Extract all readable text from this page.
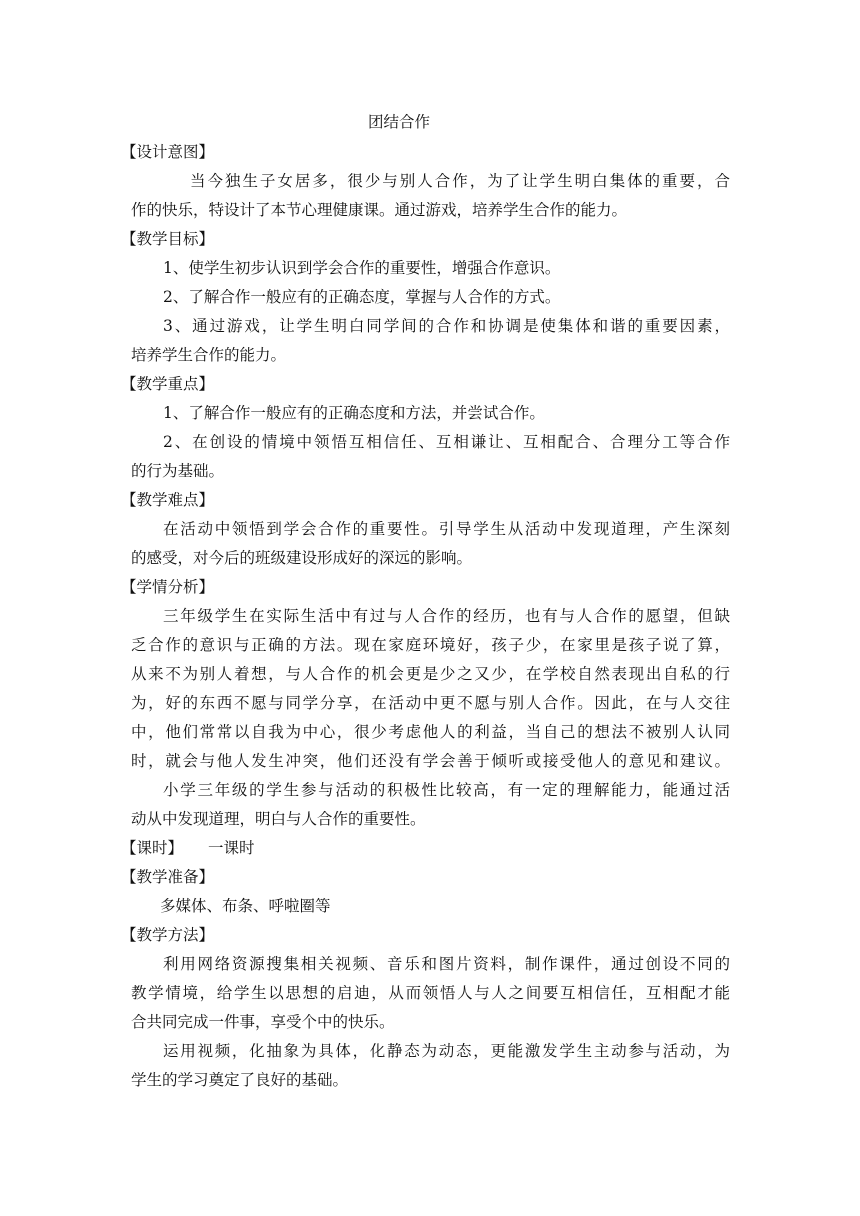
团结合作
【设计意图】
当今独生子女居多，很少与别人合作，为了让学生明白集体的重要，合
作的快乐，特设计了本节心理健康课。通过游戏，培养学生合作的能力。
【教学目标】
1、使学生初步认识到学会合作的重要性，增强合作意识。
2、了解合作一般应有的正确态度，掌握与人合作的方式。
3、通过游戏，让学生明白同学间的合作和协调是使集体和谐的重要因素，
培养学生合作的能力。
【教学重点】
1、了解合作一般应有的正确态度和方法，并尝试合作。
2、在创设的情境中领悟互相信任、互相谦让、互相配合、合理分工等合作
的行为基础。
【教学难点】
在活动中领悟到学会合作的重要性。引导学生从活动中发现道理，产生深刻
的感受，对今后的班级建设形成好的深远的影响。
【学情分析】
三年级学生在实际生活中有过与人合作的经历，也有与人合作的愿望，但缺
乏合作的意识与正确的方法。现在家庭环境好，孩子少，在家里是孩子说了算，
从来不为别人着想，与人合作的机会更是少之又少，在学校自然表现出自私的行
为，好的东西不愿与同学分享，在活动中更不愿与别人合作。因此，在与人交往
中，他们常常以自我为中心，很少考虑他人的利益，当自己的想法不被别人认同
时，就会与他人发生冲突，他们还没有学会善于倾听或接受他人的意见和建议。
小学三年级的学生参与活动的积极性比较高，有一定的理解能力，能通过活
动从中发现道理，明白与人合作的重要性。
【课时】 一课时
【教学准备】
多媒体、布条、呼啦圈等
【教学方法】
利用网络资源搜集相关视频、音乐和图片资料，制作课件，通过创设不同的
教学情境，给学生以思想的启迪，从而领悟人与人之间要互相信任，互相配才能
合共同完成一件事，享受个中的快乐。
运用视频，化抽象为具体，化静态为动态，更能激发学生主动参与活动，为
学生的学习奠定了良好的基础。
